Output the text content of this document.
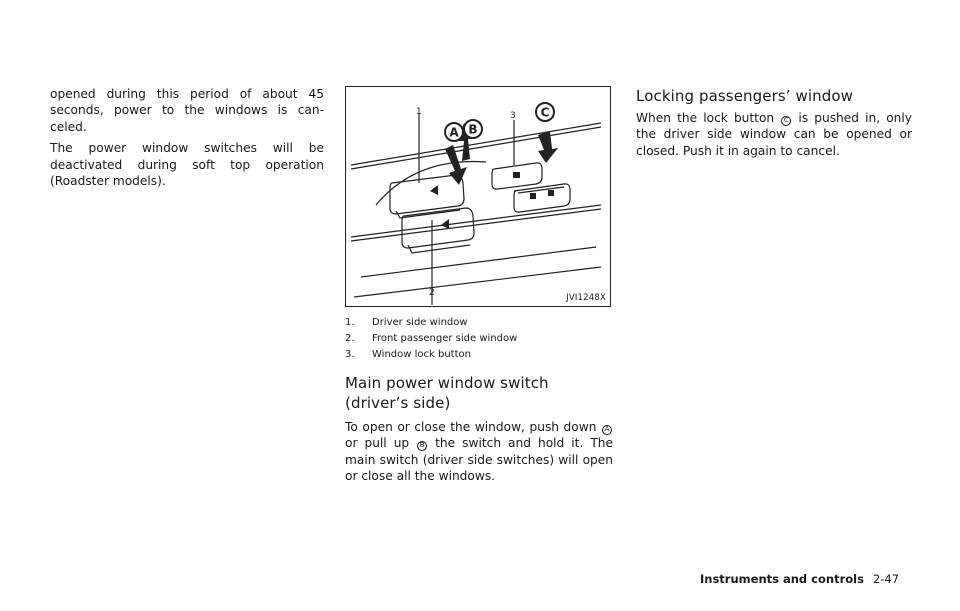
opened during this period of about 45 seconds, power to the windows is can- celed.

The power window switches will be deactivated during soft top operation (Roadster models).

1
2
3
A B
C
JVI1248X
1.	Driver side window
2.	Front passenger side window
3.	Window lock button
Main power window switch (driver’s side)

To open or close the window, push down A or pull up B the switch and hold it. The main switch (driver side switches) will open or close all the windows.

Locking passengers’ window

When the lock button C is pushed in, only the driver side window can be opened or closed. Push it in again to cancel.

Instruments and controls 2-47
